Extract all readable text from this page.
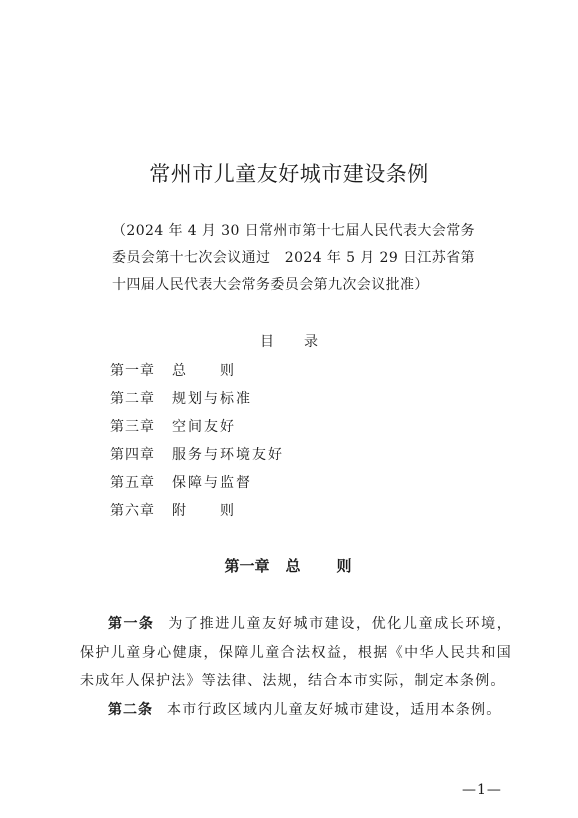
常州市儿童友好城市建设条例
（2024 年 4 月 30 日常州市第十七届人民代表大会常务
委员会第十七次会议通过　2024 年 5 月 29 日江苏省第
十四届人民代表大会常务委员会第九次会议批准）
目 录
第一章 总　　则
第二章 规划与标准
第三章 空间友好
第四章 服务与环境友好
第五章 保障与监督
第六章 附　　则
第一章 总　　则

第一条 为了推进儿童友好城市建设，优化儿童成长环境，保护儿童身心健康，保障儿童合法权益，根据《中华人民共和国未成年人保护法》等法律、法规，结合本市实际，制定本条例。

第二条 本市行政区域内儿童友好城市建设，适用本条例。

—1—
